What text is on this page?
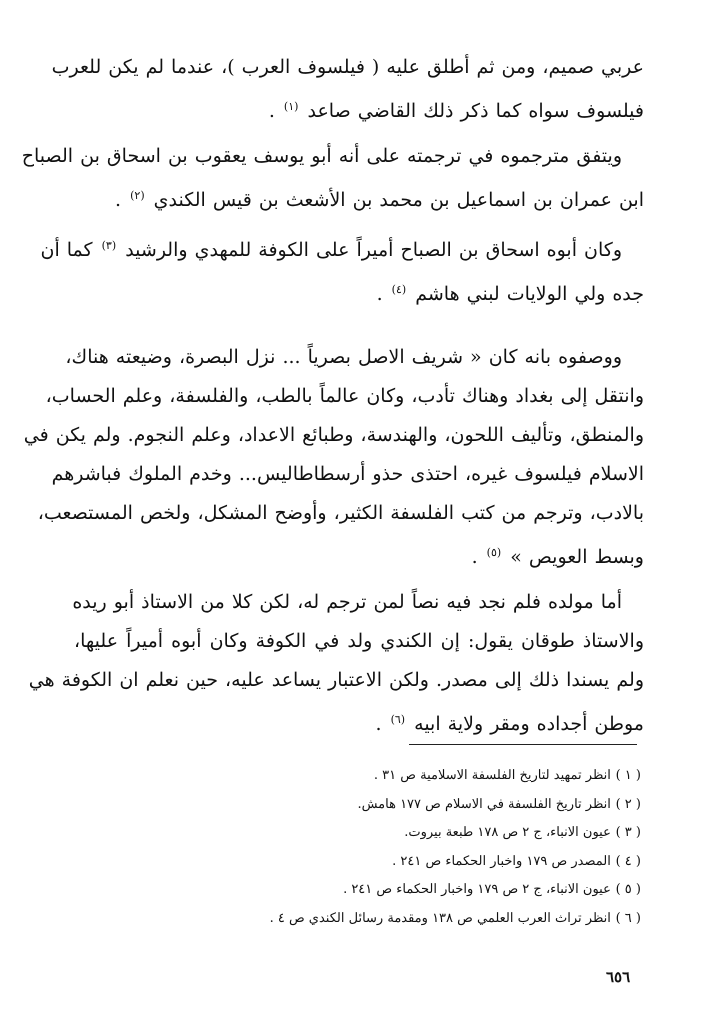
عربي صميم، ومن ثم أطلق عليه ( فيلسوف العرب )، عندما لم يكن للعرب
فيلسوف سواه كما ذكر ذلك القاضي صاعد $^{(١)}$ .
ويتفق مترجموه في ترجمته على أنه أبو يوسف يعقوب بن اسحاق بن الصباح
ابن عمران بن اسماعيل بن محمد بن الأشعث بن قيس الكندي $^{(٢)}$ .
وكان أبوه اسحاق بن الصباح أميراً على الكوفة للمهدي والرشيد $^{(٣)}$ كما أن
جده ولي الولايات لبني هاشم $^{(٤)}$ .
ووصفوه بانه كان « شريف الاصل بصرياً ... نزل البصرة، وضيعته هناك،
وانتقل إلى بغداد وهناك تأدب، وكان عالماً بالطب، والفلسفة، وعلم الحساب،
والمنطق، وتأليف اللحون، والهندسة، وطبائع الاعداد، وعلم النجوم. ولم يكن في
الاسلام فيلسوف غيره، احتذى حذو أرسطاطاليس... وخدم الملوك فباشرهم
بالادب، وترجم من كتب الفلسفة الكثير، وأوضح المشكل، ولخص المستصعب،
وبسط العويص » $^{(٥)}$ .
أما مولده فلم نجد فيه نصاً لمن ترجم له، لكن كلا من الاستاذ أبو ريده
والاستاذ طوقان يقول: إن الكندي ولد في الكوفة وكان أبوه أميراً عليها،
ولم يسندا ذلك إلى مصدر. ولكن الاعتبار يساعد عليه، حين نعلم ان الكوفة هي
موطن أجداده ومقر ولاية ابيه $^{(٦)}$ .
( ١ ) انظر تمهيد لتاريخ الفلسفة الاسلامية ص ٣١ .
( ٢ ) انظر تاريخ الفلسفة في الاسلام ص ١٧٧ هامش.
( ٣ ) عيون الانباء، ج ٢ ص ١٧٨ طبعة بيروت.
( ٤ ) المصدر ص ١٧٩ واخبار الحكماء ص ٢٤١ .
( ٥ ) عيون الانباء، ج ٢ ص ١٧٩ واخبار الحكماء ص ٢٤١ .
( ٦ ) انظر تراث العرب العلمي ص ١٣٨ ومقدمة رسائل الكندي ص ٤ .
٦٥٦
